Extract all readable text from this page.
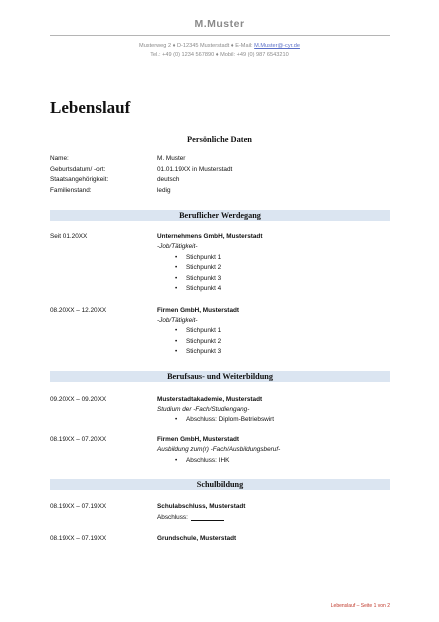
M.Muster
Musterweg 2 ♦ D-12345 Musterstadt ♦ E-Mail: M.Muster@-cyr.de
Tel.: +49 (0) 1234 567890 ♦ Mobil: +49 (0) 987 6543210
Lebenslauf
Persönliche Daten
Name:	M. Muster
Geburtsdatum/ -ort:	01.01.19XX in Musterstadt
Staatsangehörigkeit:	deutsch
Familienstand:	ledig
Beruflicher Werdegang
Seit 01.20XX	Unternehmens GmbH, Musterstadt
-Job/Tätigkeit-
• Stichpunkt 1
• Stichpunkt 2
• Stichpunkt 3
• Stichpunkt 4
08.20XX – 12.20XX	Firmen GmbH, Musterstadt
-Job/Tätigkeit-
• Stichpunkt 1
• Stichpunkt 2
• Stichpunkt 3
Berufsaus- und Weiterbildung
09.20XX – 09.20XX	Musterstadtakademie, Musterstadt
Studium der -Fach/Studiengang-
• Abschluss: Diplom-Betriebswirt
08.19XX – 07.20XX	Firmen GmbH, Musterstadt
Ausbildung zum(r) -Fach/Ausbildungsberuf-
• Abschluss: IHK
Schulbildung
08.19XX – 07.19XX	Schulabschluss, Musterstadt
Abschluss:
08.19XX – 07.19XX	Grundschule, Musterstadt
Lebenslauf – Seite 1 von 2
